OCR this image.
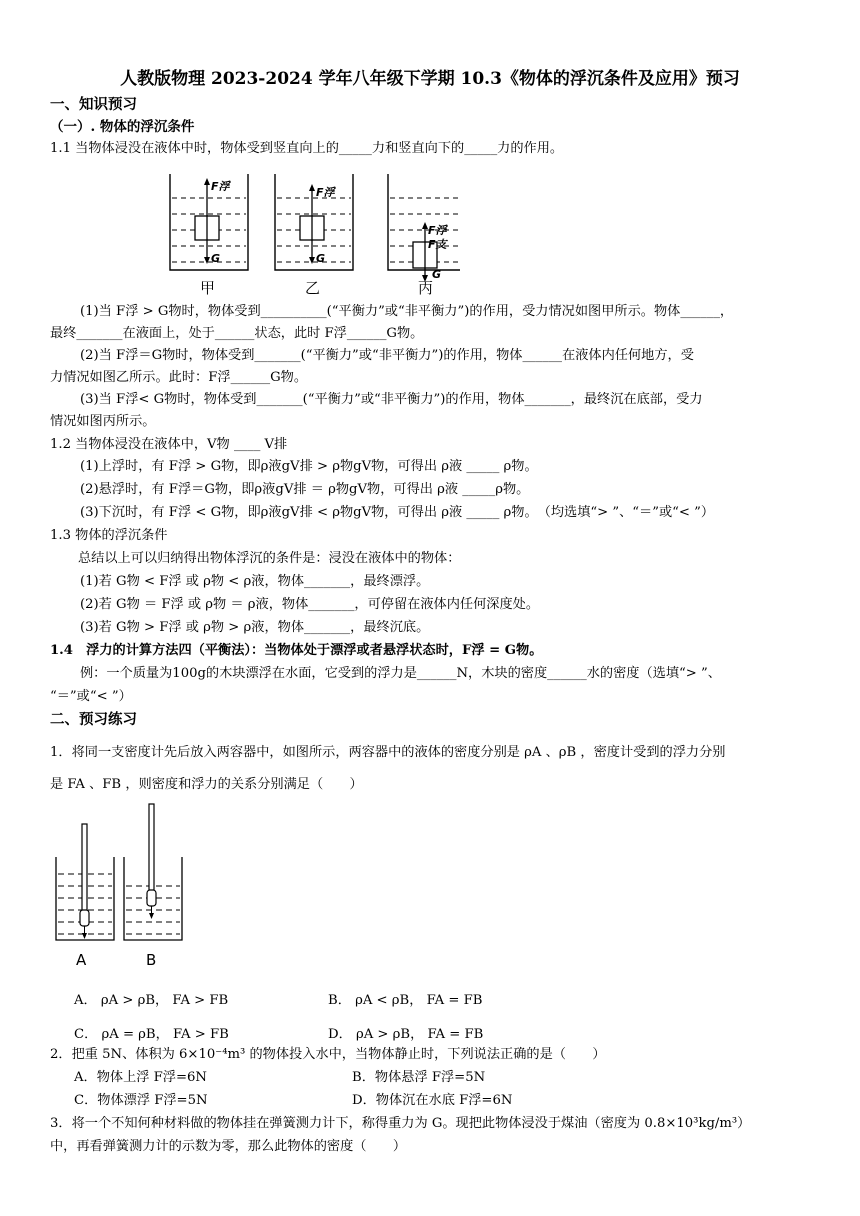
人教版物理 2023-2024 学年八年级下学期 10.3《物体的浮沉条件及应用》预习
一、知识预习
（一）. 物体的浮沉条件
1.1 当物体浸没在液体中时，物体受到竖直向上的_____力和竖直向下的_____力的作用。
F浮
G
F浮
G
F浮
F支
G
甲	乙	丙
(1)当 F浮 > G物时，物体受到__________(“平衡力”或“非平衡力”)的作用，受力情况如图甲所示。物体______，
最终_______在液面上，处于______状态，此时 F浮______G物。
(2)当 F浮＝G物时，物体受到_______(“平衡力”或“非平衡力”)的作用，物体______在液体内任何地方，受
力情况如图乙所示。此时：F浮______G物。
(3)当 F浮< G物时，物体受到_______(“平衡力”或“非平衡力”)的作用，物体_______，最终沉在底部，受力
情况如图丙所示。
1.2 当物体浸没在液体中，V物 ____ V排
(1)上浮时，有 F浮 > G物，即ρ液gV排 > ρ物gV物，可得出 ρ液 _____ ρ物。
(2)悬浮时，有 F浮＝G物，即ρ液gV排 ＝ ρ物gV物，可得出 ρ液 _____ρ物。
(3)下沉时，有 F浮 < G物，即ρ液gV排 < ρ物gV物，可得出 ρ液 _____ ρ物。　（均选填“> ”、“＝”或“< ”）
1.3 物体的浮沉条件
总结以上可以归纳得出物体浮沉的条件是：浸没在液体中的物体：
(1)若 G物 < F浮 或 ρ物 < ρ液，物体_______，最终漂浮。
(2)若 G物 ＝ F浮 或 ρ物 ＝ ρ液，物体_______，可停留在液体内任何深度处。
(3)若 G物 > F浮 或 ρ物 > ρ液，物体_______，最终沉底。
1.4　浮力的计算方法四（平衡法）：当物体处于漂浮或者悬浮状态时，F浮 = G物。
例：一个质量为100g的木块漂浮在水面，它受到的浮力是______N，木块的密度______水的密度（选填“> ”、
“＝”或“< ”）
二、预习练习
1．将同一支密度计先后放入两容器中，如图所示，两容器中的液体的密度分别是 ρA 、ρB ，密度计受到的浮力分别
是 FA 、FB ，则密度和浮力的关系分别满足（　　）
A	B
A． ρA > ρB， FA > FB	B． ρA < ρB， FA = FB
C． ρA = ρB， FA > FB	D． ρA > ρB， FA = FB
2．把重 5N、体积为 6×10⁻⁴m³ 的物体投入水中，当物体静止时，下列说法正确的是（　　）
A．物体上浮 F浮=6N	B．物体悬浮 F浮=5N
C．物体漂浮 F浮=5N	D．物体沉在水底 F浮=6N
3．将一个不知何种材料做的物体挂在弹簧测力计下，称得重力为 G。现把此物体浸没于煤油（密度为 0.8×10³kg/m³）
中，再看弹簧测力计的示数为零，那么此物体的密度（　　）
